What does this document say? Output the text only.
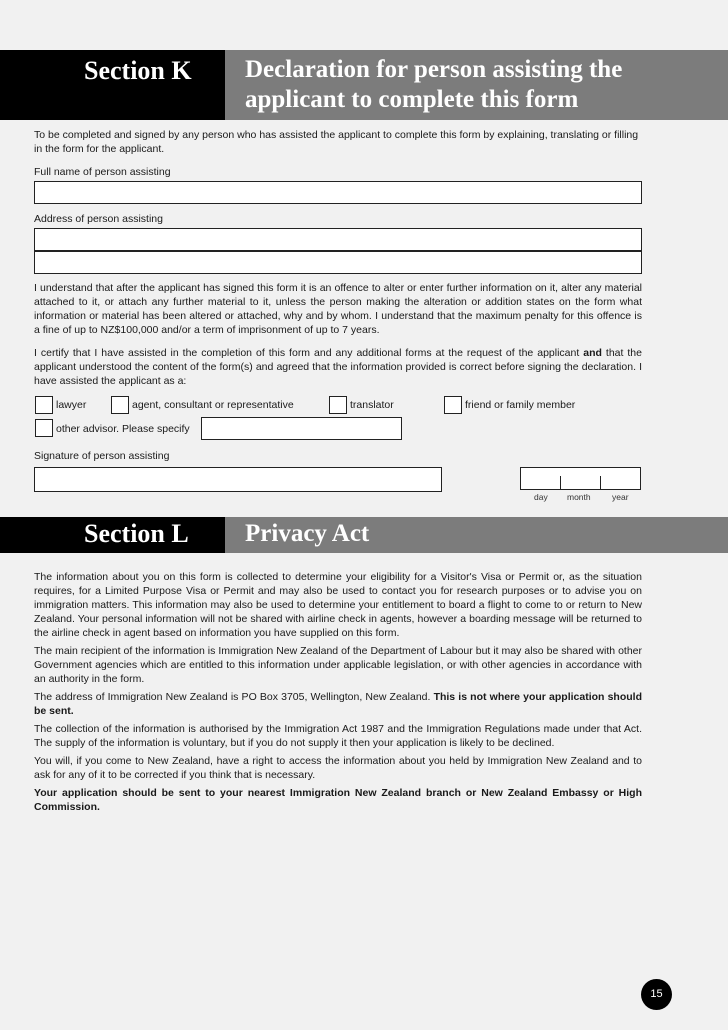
Section K	Declaration for person assisting the
applicant to complete this form
To be completed and signed by any person who has assisted the applicant to complete this form by explaining, translating or filling in the form for the applicant.
Full name of person assisting
Address of person assisting
I understand that after the applicant has signed this form it is an offence to alter or enter further information on it, alter any material attached to it, or attach any further material to it, unless the person making the alteration or addition states on the form what information or material has been altered or attached, why and by whom. I understand that the maximum penalty for this offence is a fine of up to NZ$100,000 and/or a term of imprisonment of up to 7 years.
I certify that I have assisted in the completion of this form and any additional forms at the request of the applicant and that the applicant understood the content of the form(s) and agreed that the information provided is correct before signing the declaration. I have assisted the applicant as a:
lawyer	agent, consultant or representative	translator	friend or family member
other advisor. Please specify
Signature of person assisting
day month	year
Section L	Privacy Act

The information about you on this form is collected to determine your eligibility for a Visitor's Visa or Permit or, as the situation requires, for a Limited Purpose Visa or Permit and may also be used to contact you for research purposes or to advise you on immigration matters. This information may also be used to determine your entitlement to board a flight to come to or return to New Zealand. Your personal information will not be shared with airline check in agents, however a boarding message will be returned to the airline check in agent based on information you have supplied on this form.

The main recipient of the information is Immigration New Zealand of the Department of Labour but it may also be shared with other Government agencies which are entitled to this information under applicable legislation, or with other agencies in accordance with an authority in the form.

The address of Immigration New Zealand is PO Box 3705, Wellington, New Zealand. This is not where your application should be sent.

The collection of the information is authorised by the Immigration Act 1987 and the Immigration Regulations made under that Act. The supply of the information is voluntary, but if you do not supply it then your application is likely to be declined.

You will, if you come to New Zealand, have a right to access the information about you held by Immigration New Zealand and to ask for any of it to be corrected if you think that is necessary.

Your application should be sent to your nearest Immigration New Zealand branch or New Zealand Embassy or High Commission.

15
